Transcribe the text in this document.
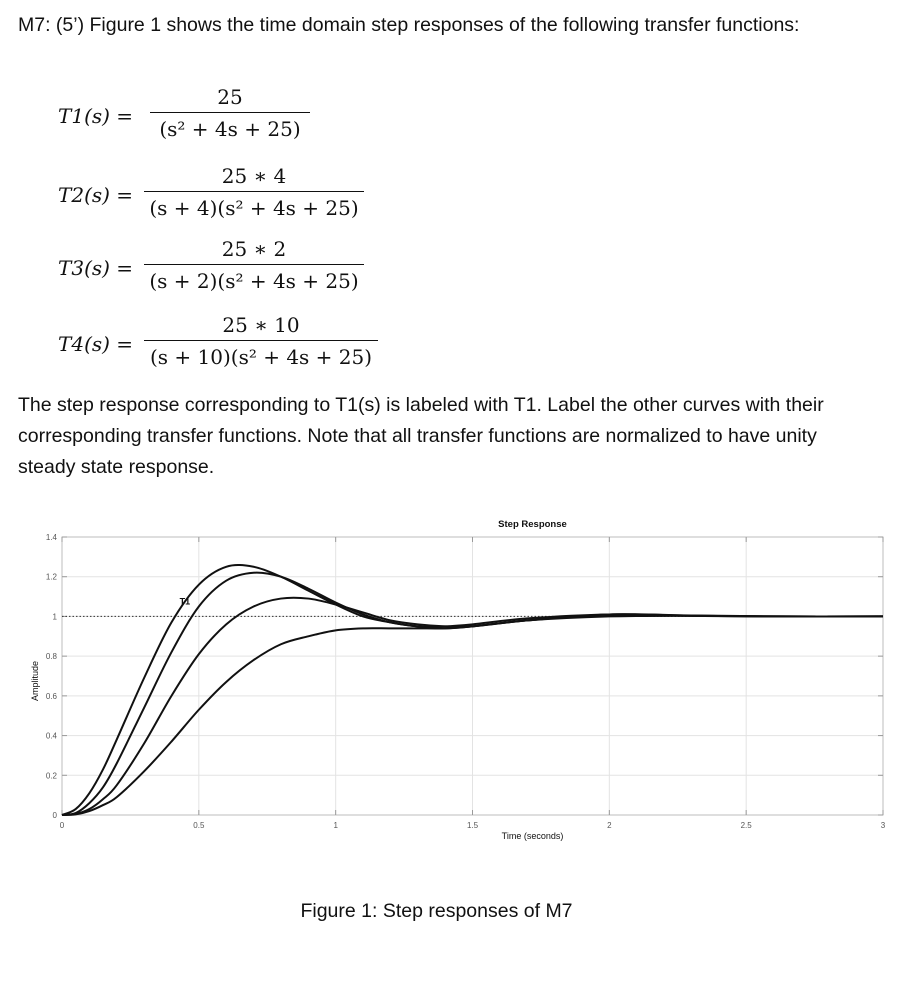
M7: (5’) Figure 1 shows the time domain step responses of the following transfer functions:
T1(s) =
25
(s² + 4s + 25)
T2(s) =
25 ∗ 4
(s + 4)(s² + 4s + 25)
T3(s) =
25 ∗ 2
(s + 2)(s² + 4s + 25)
T4(s) =
25 ∗ 10
(s + 10)(s² + 4s + 25)
The step response corresponding to T1(s) is labeled with T1. Label the other curves with their corresponding transfer functions. Note that all transfer functions are normalized to have unity steady state response.
0	0.5	1	1.5	2	2.5	3
0
0.2
0.4
0.6
0.8
1
1.2
1.4
T1
Step Response
Time (seconds)
Amplitude
Figure 1: Step responses of M7
